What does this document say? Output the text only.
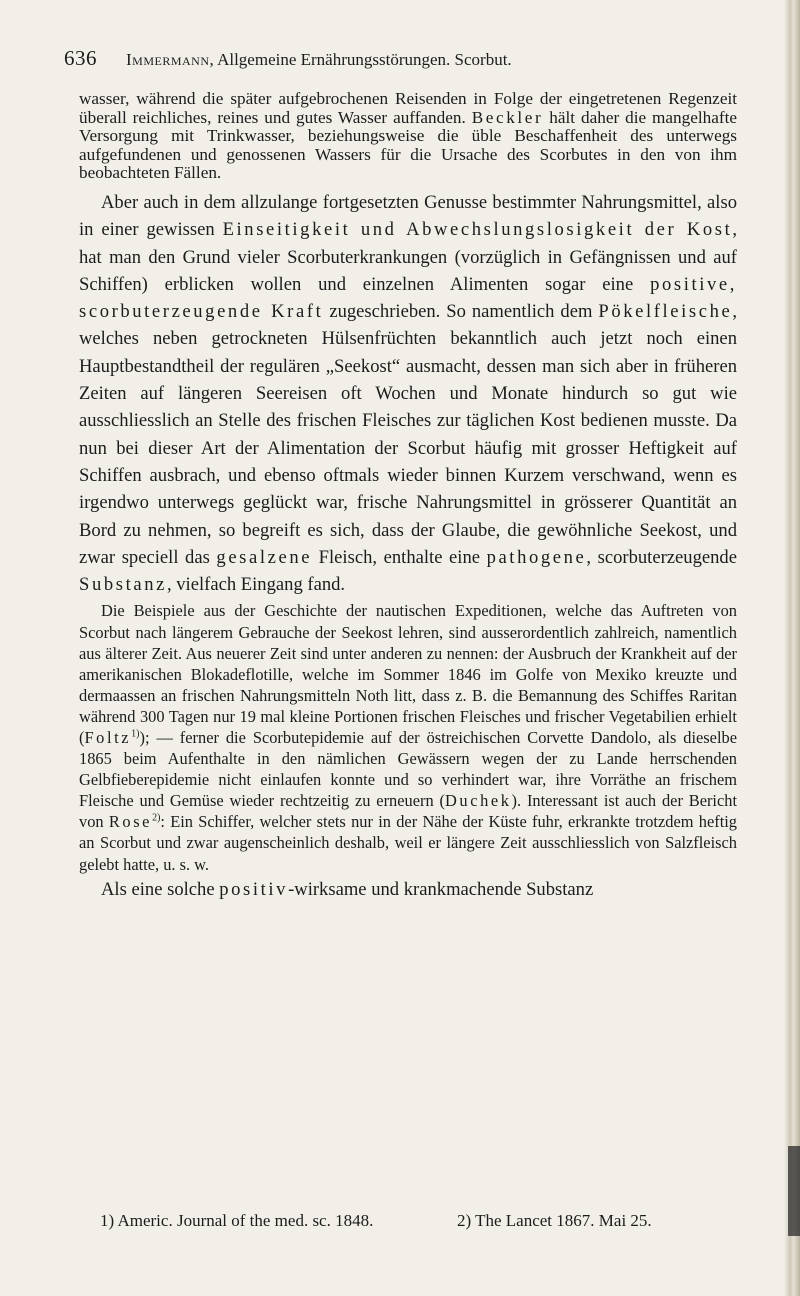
636 Immermann, Allgemeine Ernährungsstörungen. Scorbut.

wasser, während die später aufgebrochenen Reisenden in Folge der eingetretenen Regenzeit überall reichliches, reines und gutes Wasser auffanden. Beckler hält daher die mangelhafte Versorgung mit Trinkwasser, beziehungsweise die üble Beschaffenheit des unterwegs aufgefundenen und genossenen Wassers für die Ursache des Scorbutes in den von ihm beobachteten Fällen.

Aber auch in dem allzulange fortgesetzten Genusse bestimmter Nahrungsmittel, also in einer gewissen Einseitigkeit und Abwechslungslosigkeit der Kost, hat man den Grund vieler Scorbuterkrankungen (vorzüglich in Gefängnissen und auf Schiffen) erblicken wollen und einzelnen Alimenten sogar eine positive, scorbuterzeugende Kraft zugeschrieben. So namentlich dem Pökelfleische, welches neben getrockneten Hülsenfrüchten bekanntlich auch jetzt noch einen Hauptbestandtheil der regulären „Seekost“ ausmacht, dessen man sich aber in früheren Zeiten auf längeren Seereisen oft Wochen und Monate hindurch so gut wie ausschliesslich an Stelle des frischen Fleisches zur täglichen Kost bedienen musste. Da nun bei dieser Art der Alimentation der Scorbut häufig mit grosser Heftigkeit auf Schiffen ausbrach, und ebenso oftmals wieder binnen Kurzem verschwand, wenn es irgendwo unterwegs geglückt war, frische Nahrungsmittel in grösserer Quantität an Bord zu nehmen, so begreift es sich, dass der Glaube, die gewöhnliche Seekost, und zwar speciell das gesalzene Fleisch, enthalte eine pathogene, scorbuterzeugende Substanz, vielfach Eingang fand.

Die Beispiele aus der Geschichte der nautischen Expeditionen, welche das Auftreten von Scorbut nach längerem Gebrauche der Seekost lehren, sind ausserordentlich zahlreich, namentlich aus älterer Zeit. Aus neuerer Zeit sind unter anderen zu nennen: der Ausbruch der Krankheit auf der amerikanischen Blokadeflotille, welche im Sommer 1846 im Golfe von Mexiko kreuzte und dermaassen an frischen Nahrungsmitteln Noth litt, dass z. B. die Bemannung des Schiffes Raritan während 300 Tagen nur 19 mal kleine Portionen frischen Fleisches und frischer Vegetabilien erhielt (Foltz$^{1)}$); — ferner die Scorbutepidemie auf der östreichischen Corvette Dandolo, als dieselbe 1865 beim Aufenthalte in den nämlichen Gewässern wegen der zu Lande herrschenden Gelbfieberepidemie nicht einlaufen konnte und so verhindert war, ihre Vorräthe an frischem Fleische und Gemüse wieder rechtzeitig zu erneuern (Duchek). Interessant ist auch der Bericht von Rose$^{2)}$: Ein Schiffer, welcher stets nur in der Nähe der Küste fuhr, erkrankte trotzdem heftig an Scorbut und zwar augenscheinlich deshalb, weil er längere Zeit ausschliesslich von Salzfleisch gelebt hatte, u. s. w.

Als eine solche positiv-wirksame und krankmachende Substanz

1) Americ. Journal of the med. sc. 1848.	2) The Lancet 1867. Mai 25.
